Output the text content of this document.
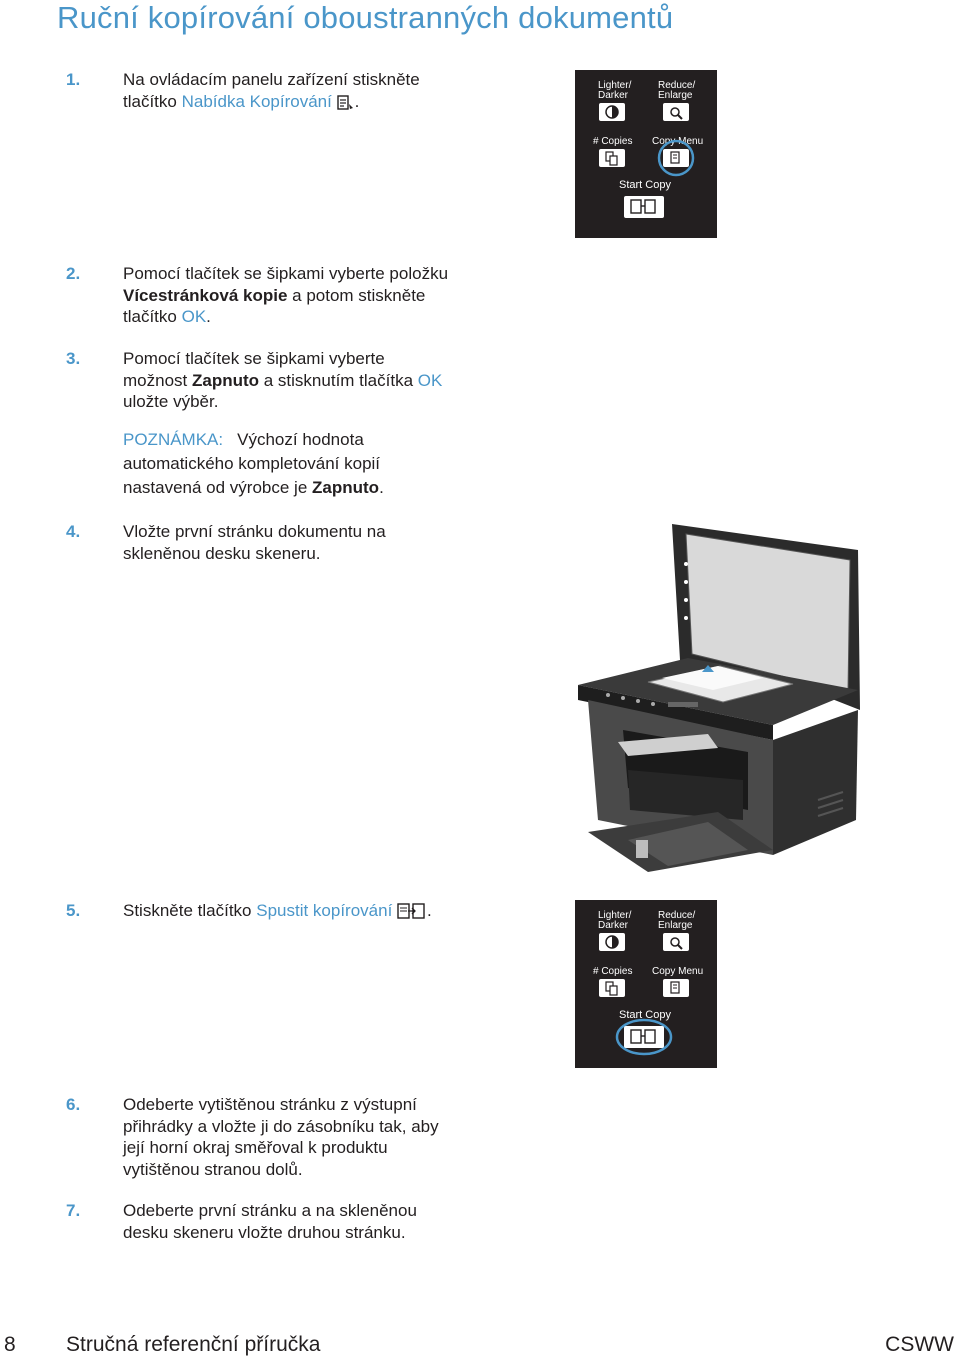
Ruční kopírování oboustranných dokumentů
1.	Na ovládacím panelu zařízení stiskněte
tlačítko Nabídka Kopírování .
Lighter/
Darker
Reduce/
Enlarge
# Copies Copy Menu
Start Copy
2.	Pomocí tlačítek se šipkami vyberte položku
Vícestránková kopie a potom stiskněte
tlačítko OK.
3.	Pomocí tlačítek se šipkami vyberte
možnost Zapnuto a stisknutím tlačítka OK
uložte výběr.
POZNÁMKA: Výchozí hodnota
automatického kompletování kopií
nastavená od výrobce je Zapnuto.
4.	Vložte první stránku dokumentu na
skleněnou desku skeneru.
5.	Stiskněte tlačítko Spustit kopírování .	Lighter/
Darker
Reduce/
Enlarge
# Copies Copy Menu
Start Copy
6.	Odeberte vytištěnou stránku z výstupní
přihrádky a vložte ji do zásobníku tak, aby
její horní okraj směřoval k produktu
vytištěnou stranou dolů.
7.	Odeberte první stránku a na skleněnou
desku skeneru vložte druhou stránku.
8 Stručná referenční příručka	CSWW
